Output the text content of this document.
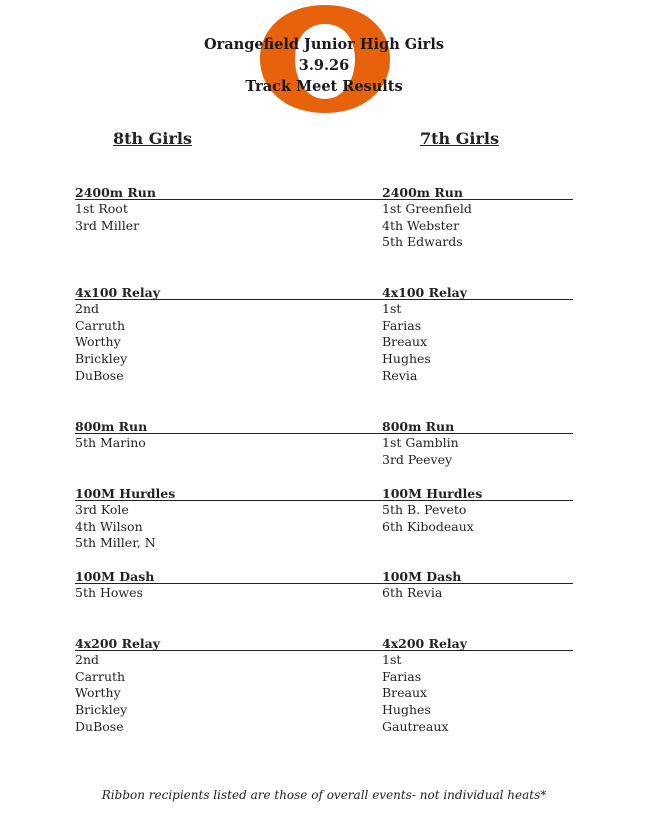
Orangefield Junior High Girls
3.9.26
Track Meet Results
8th Girls	7th Girls
2400m Run
1st Root
3rd Miller
2400m Run
1st Greenfield
4th Webster
5th Edwards
4x100 Relay
2nd
Carruth
Worthy
Brickley
DuBose
4x100 Relay
1st
Farias
Breaux
Hughes
Revia
800m Run
5th Marino
800m Run
1st Gamblin
3rd Peevey
100M Hurdles
3rd Kole
4th Wilson
5th Miller, N
100M Hurdles
5th B. Peveto
6th Kibodeaux
100M Dash
5th Howes
100M Dash
6th Revia
4x200 Relay
2nd
Carruth
Worthy
Brickley
DuBose
4x200 Relay
1st
Farias
Breaux
Hughes
Gautreaux
Ribbon recipients listed are those of overall events- not individual heats*
